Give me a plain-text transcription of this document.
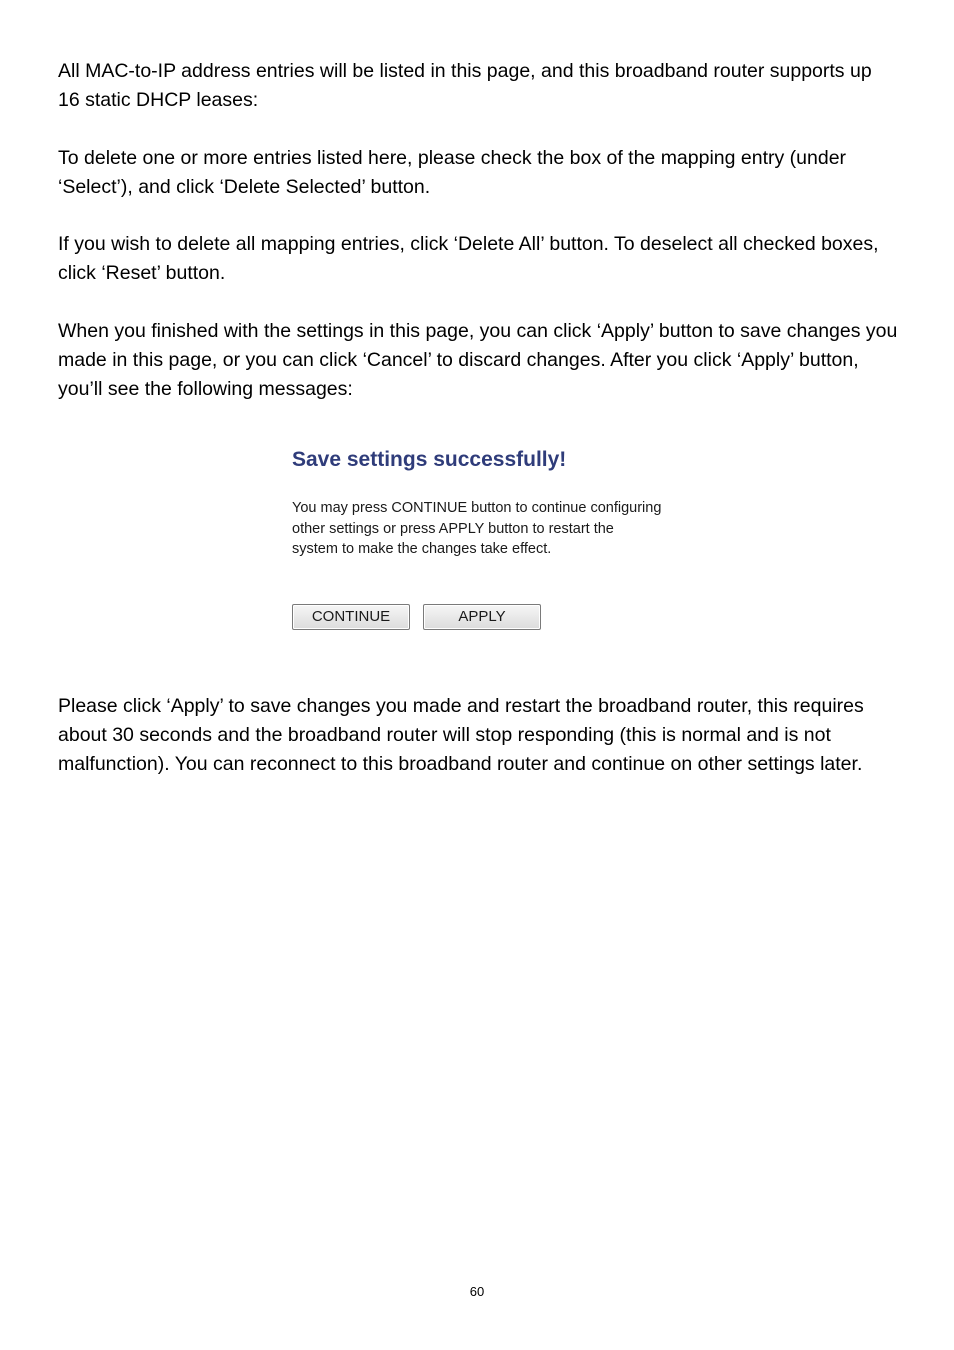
All MAC-to-IP address entries will be listed in this page, and this broadband router supports up 16 static DHCP leases:

To delete one or more entries listed here, please check the box of the mapping entry (under ‘Select’), and click ‘Delete Selected’ button.

If you wish to delete all mapping entries, click ‘Delete All’ button. To deselect all checked boxes, click ‘Reset’ button.

When you finished with the settings in this page, you can click ‘Apply’ button to save changes you made in this page, or you can click ‘Cancel’ to discard changes. After you click ‘Apply’ button, you’ll see the following messages:

Save settings successfully!

You may press CONTINUE button to continue configuring other settings or press APPLY button to restart the system to make the changes take effect.

CONTINUE	APPLY

Please click ‘Apply’ to save changes you made and restart the broadband router, this requires about 30 seconds and the broadband router will stop responding (this is normal and is not malfunction). You can reconnect to this broadband router and continue on other settings later.

60
